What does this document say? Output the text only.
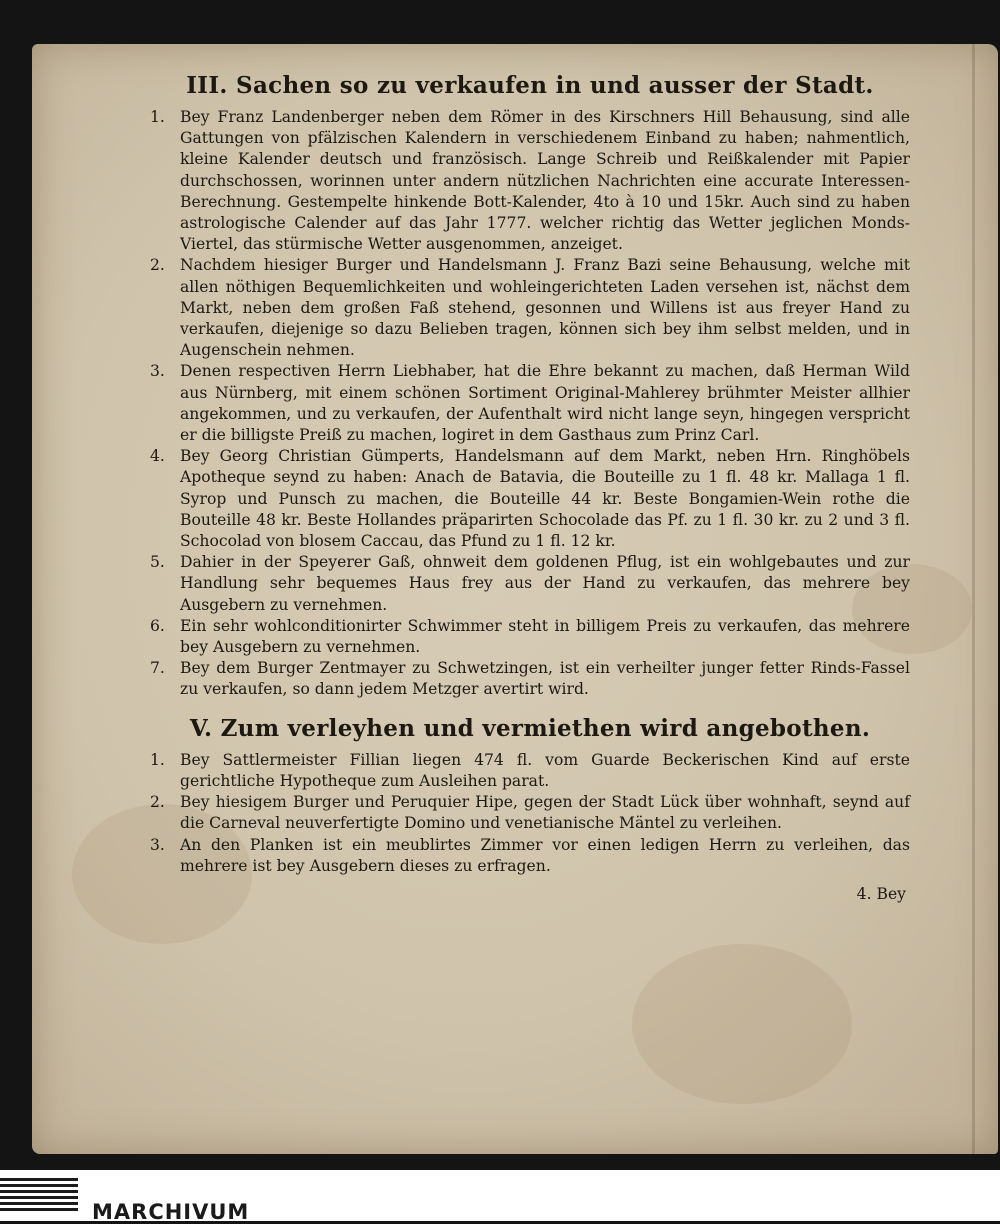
III. Sachen so zu verkaufen in und ausser der Stadt.

1. Bey Franz Landenberger neben dem Römer in des Kirschners Hill Behausung, sind alle Gattungen von pfälzischen Kalendern in verschiedenem Einband zu haben; nahmentlich, kleine Kalender deutsch und französisch. Lange Schreib und Reißkalender mit Papier durchschossen, worinnen unter andern nützlichen Nachrichten eine accurate Interessen-Berechnung. Gestempelte hinkende Bott-Kalender, 4to à 10 und 15kr. Auch sind zu haben astrologische Calender auf das Jahr 1777. welcher richtig das Wetter jeglichen Monds-Viertel, das stürmische Wetter ausgenommen, anzeiget.

2. Nachdem hiesiger Burger und Handelsmann J. Franz Bazi seine Behausung, welche mit allen nöthigen Bequemlichkeiten und wohleingerichteten Laden versehen ist, nächst dem Markt, neben dem großen Faß stehend, gesonnen und Willens ist aus freyer Hand zu verkaufen, diejenige so dazu Belieben tragen, können sich bey ihm selbst melden, und in Augenschein nehmen.

3. Denen respectiven Herrn Liebhaber, hat die Ehre bekannt zu machen, daß Herman Wild aus Nürnberg, mit einem schönen Sortiment Original-Mahlerey brühmter Meister allhier angekommen, und zu verkaufen, der Aufenthalt wird nicht lange seyn, hingegen verspricht er die billigste Preiß zu machen, logiret in dem Gasthaus zum Prinz Carl.

4. Bey Georg Christian Gümperts, Handelsmann auf dem Markt, neben Hrn. Ringhöbels Apotheque seynd zu haben: Anach de Batavia, die Bouteille zu 1 fl. 48 kr. Mallaga 1 fl. Syrop und Punsch zu machen, die Bouteille 44 kr. Beste Bongamien-Wein rothe die Bouteille 48 kr. Beste Hollandes präparirten Schocolade das Pf. zu 1 fl. 30 kr. zu 2 und 3 fl. Schocolad von blosem Caccau, das Pfund zu 1 fl. 12 kr.

5. Dahier in der Speyerer Gaß, ohnweit dem goldenen Pflug, ist ein wohlgebautes und zur Handlung sehr bequemes Haus frey aus der Hand zu verkaufen, das mehrere bey Ausgebern zu vernehmen.

6. Ein sehr wohlconditionirter Schwimmer steht in billigem Preis zu verkaufen, das mehrere bey Ausgebern zu vernehmen.

7. Bey dem Burger Zentmayer zu Schwetzingen, ist ein verheilter junger fetter Rinds-Fassel zu verkaufen, so dann jedem Metzger avertirt wird.

V. Zum verleyhen und vermiethen wird angebothen.

1. Bey Sattlermeister Fillian liegen 474 fl. vom Guarde Beckerischen Kind auf erste gerichtliche Hypotheque zum Ausleihen parat.

2. Bey hiesigem Burger und Peruquier Hipe, gegen der Stadt Lück über wohnhaft, seynd auf die Carneval neuverfertigte Domino und venetianische Mäntel zu verleihen.

3. An den Planken ist ein meublirtes Zimmer vor einen ledigen Herrn zu verleihen, das mehrere ist bey Ausgebern dieses zu erfragen.

4. Bey
MARCHIVUM
